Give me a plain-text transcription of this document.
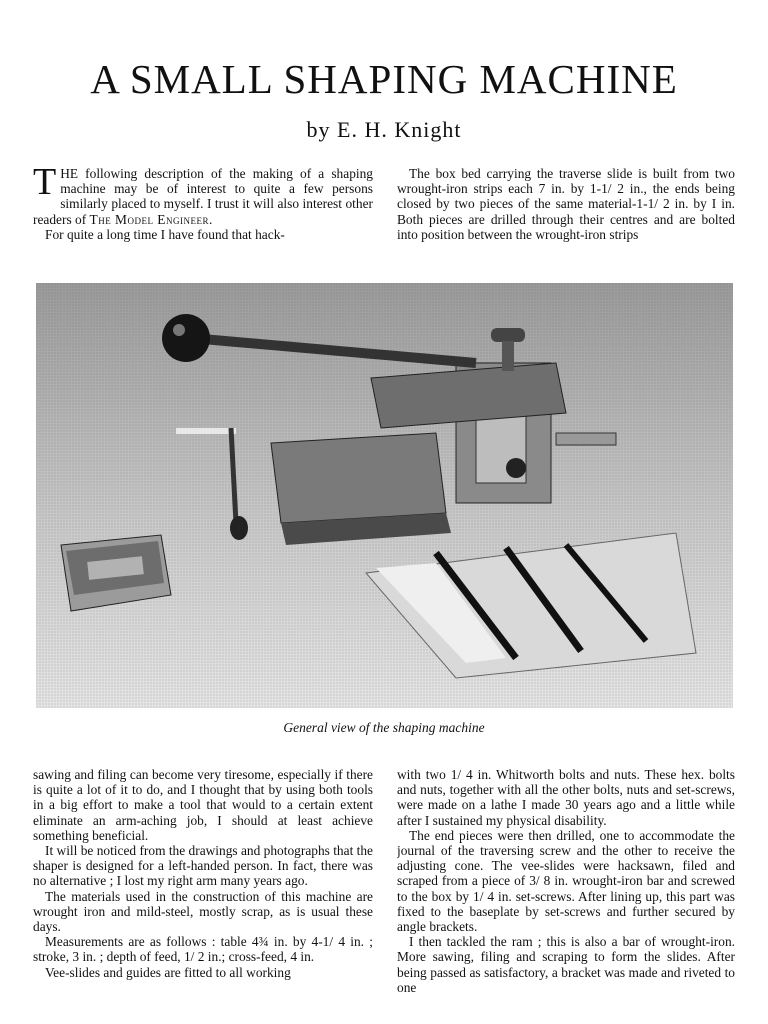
A SMALL SHAPING MACHINE
by E. H. Knight

THE following description of the making of a shaping machine may be of interest to quite a few persons similarly placed to myself. I trust it will also interest other readers of The Model Engineer.

For quite a long time I have found that hack-

The box bed carrying the traverse slide is built from two wrought-iron strips each 7 in. by 1-1/ 2 in., the ends being closed by two pieces of the same material-1-1/ 2 in. by I in. Both pieces are drilled through their centres and are bolted into position between the wrought-iron strips

General view of the shaping machine

sawing and filing can become very tiresome, especially if there is quite a lot of it to do, and I thought that by using both tools in a big effort to make a tool that would to a certain extent eliminate an arm-aching job, I should at least achieve something beneficial.

It will be noticed from the drawings and photographs that the shaper is designed for a left-handed person. In fact, there was no alternative ; I lost my right arm many years ago.

The materials used in the construction of this machine are wrought iron and mild-steel, mostly scrap, as is usual these days.

Measurements are as follows : table 4¾ in. by 4-1/ 4 in. ; stroke, 3 in. ; depth of feed, 1/ 2 in.; cross-feed, 4 in.

Vee-slides and guides are fitted to all working

with two 1/ 4 in. Whitworth bolts and nuts. These hex. bolts and nuts, together with all the other bolts, nuts and set-screws, were made on a lathe I made 30 years ago and a little while after I sustained my physical disability.

The end pieces were then drilled, one to accommodate the journal of the traversing screw and the other to receive the adjusting cone. The vee-slides were hacksawn, filed and scraped from a piece of 3/ 8 in. wrought-iron bar and screwed to the box by 1/ 4 in. set-screws. After lining up, this part was fixed to the baseplate by set-screws and further secured by angle brackets.

I then tackled the ram ; this is also a bar of wrought-iron. More sawing, filing and scraping to form the slides. After being passed as satisfactory, a bracket was made and riveted to one
